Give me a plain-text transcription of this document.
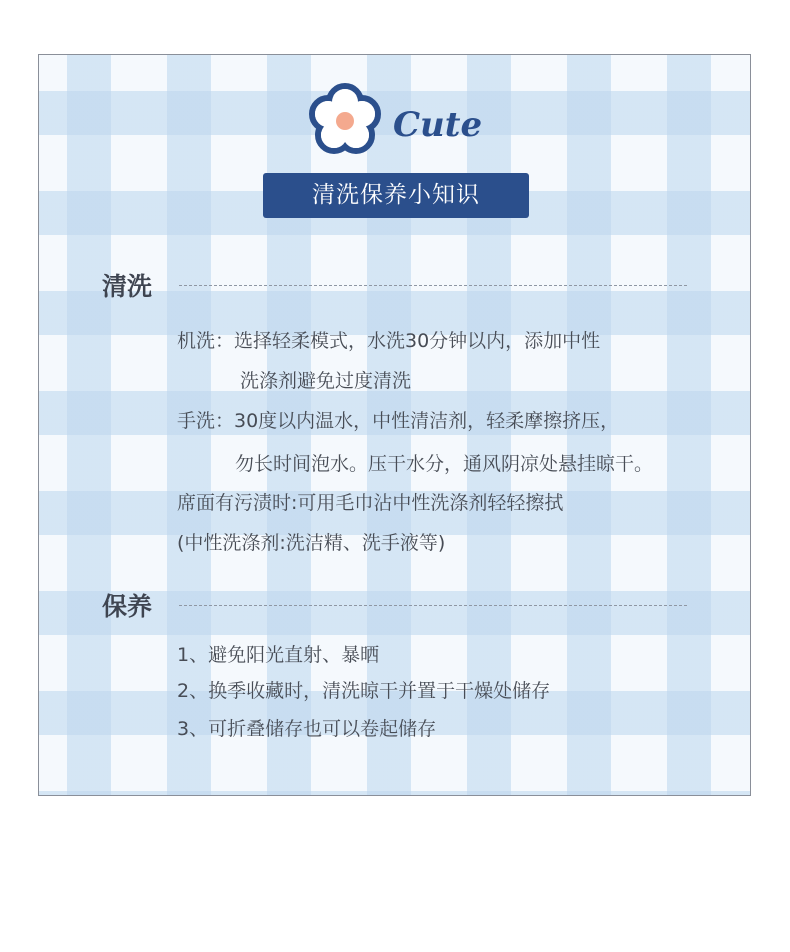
Cute
清洗保养小知识
清洗
机洗：选择轻柔模式，水洗30分钟以内，添加中性
洗涤剂避免过度清洗
手洗：30度以内温水，中性清洁剂，轻柔摩擦挤压，
勿长时间泡水。压干水分，通风阴凉处悬挂晾干。
席面有污渍时:可用毛巾沾中性洗涤剂轻轻擦拭
(中性洗涤剂:洗洁精、洗手液等)
保养
1、避免阳光直射、暴晒
2、换季收藏时，清洗晾干并置于干燥处储存
3、可折叠储存也可以卷起储存
